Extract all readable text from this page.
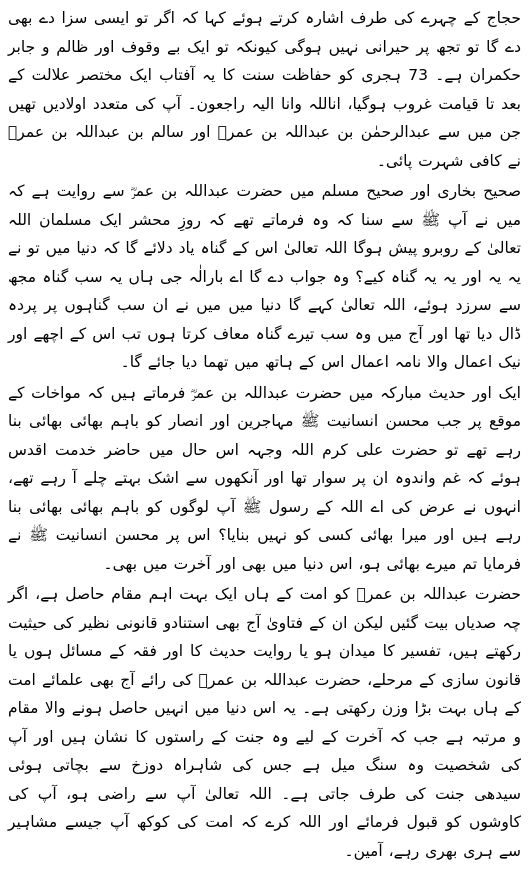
حجاج کے چہرے کی طرف اشارہ کرتے ہوئے کہا کہ اگر تو ایسی سزا دے بھی دے گا تو تجھ پر حیرانی نہیں ہوگی کیونکہ تو ایک بے وقوف اور ظالم و جابر حکمران ہے۔ 73 ہجری کو حفاظت سنت کا یہ آفتاب ایک مختصر علالت کے بعد تا قیامت غروب ہوگیا، اناللہ وانا الیہ راجعون۔ آپ کی متعدد اولادیں تھیں جن میں سے عبدالرحمٰن بن عبداللہ بن عمرؓ اور سالم بن عبداللہ بن عمرؓ نے کافی شہرت پائی۔

صحیح بخاری اور صحیح مسلم میں حضرت عبداللہ بن عمرؓ سے روایت ہے کہ میں نے آپ ﷺ سے سنا کہ وہ فرماتے تھے کہ روزِ محشر ایک مسلمان اللہ تعالیٰ کے روبرو پیش ہوگا اللہ تعالیٰ اس کے گناہ یاد دلائے گا کہ دنیا میں تو نے یہ یہ اور یہ یہ گناہ کیے؟ وہ جواب دے گا اے بارالٰہ جی ہاں یہ سب گناہ مجھ سے سرزد ہوئے، اللہ تعالیٰ کہے گا دنیا میں میں نے ان سب گناہوں پر پردہ ڈال دیا تھا اور آج میں وہ سب تیرے گناہ معاف کرتا ہوں تب اس کے اچھے اور نیک اعمال والا نامہ اعمال اس کے ہاتھ میں تھما دیا جائے گا۔

ایک اور حدیث مبارکہ میں حضرت عبداللہ بن عمرؓ فرماتے ہیں کہ مواخات کے موقع پر جب محسن انسانیت ﷺ مہاجرین اور انصار کو باہم بھائی بھائی بنا رہے تھے تو حضرت علی کرم اللہ وجہہ اس حال میں حاضر خدمت اقدس ہوئے کہ غم واندوہ ان پر سوار تھا اور آنکھوں سے اشک بہتے چلے آ رہے تھے، انہوں نے عرض کی اے اللہ کے رسول ﷺ آپ لوگوں کو باہم بھائی بھائی بنا رہے ہیں اور میرا بھائی کسی کو نہیں بنایا؟ اس پر محسن انسانیت ﷺ نے فرمایا تم میرے بھائی ہو، اس دنیا میں بھی اور آخرت میں بھی۔

حضرت عبداللہ بن عمرؓ کو امت کے ہاں ایک بہت اہم مقام حاصل ہے، اگر چہ صدیاں بیت گئیں لیکن ان کے فتاویٰ آج بھی استنادو قانونی نظیر کی حیثیت رکھتے ہیں، تفسیر کا میدان ہو یا روایت حدیث کا اور فقہ کے مسائل ہوں یا قانون سازی کے مرحلے، حضرت عبداللہ بن عمرؓ کی رائے آج بھی علمائے امت کے ہاں بہت بڑا وزن رکھتی ہے۔ یہ اس دنیا میں انہیں حاصل ہونے والا مقام و مرتبہ ہے جب کہ آخرت کے لیے وہ جنت کے راستوں کا نشان ہیں اور آپ کی شخصیت وہ سنگ میل ہے جس کی شاہراہ دوزخ سے بچاتی ہوئی سیدھی جنت کی طرف جاتی ہے۔ اللہ تعالیٰ آپ سے راضی ہو، آپ کی کاوشوں کو قبول فرمائے اور اللہ کرے کہ امت کی کوکھ آپ جیسے مشاہیر سے ہری بھری رہے، آمین۔
